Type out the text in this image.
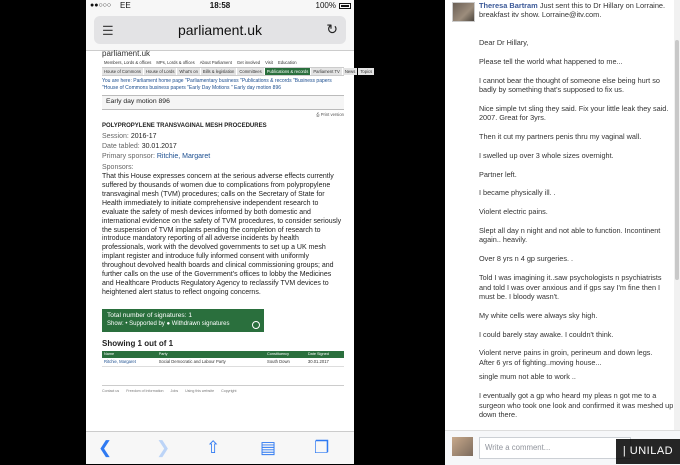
●●○○○ EE	18:58	100%
☰	parliament.uk	↻
parliament.uk
Members, Lords & offices	MPs, Lords & offices	About Parliament	Get involved	Visit	Education
House of Commons	House of Lords	What's on	Bills & legislation	Committees	Publications & records	Parliament TV	News	Topics
You are here: Parliament home page "Parliamentary business "Publications & records "Business papers "House of Commons business papers "Early Day Motions " Early day motion 896
Early day motion 896
⎙ Print version
POLYPROPYLENE TRANSVAGINAL MESH PROCEDURES
Session: 2016-17
Date tabled: 30.01.2017
Primary sponsor: Ritchie, Margaret
Sponsors:
That this House expresses concern at the serious adverse effects currently suffered by thousands of women due to complications from polypropylene transvaginal mesh (TVM) procedures; calls on the Secretary of State for Health immediately to initiate comprehensive independent research to evaluate the safety of mesh devices informed by both domestic and international evidence on the safety of TVM procedures, to consider seriously the suspension of TVM implants pending the completion of research to introduce mandatory reporting of all adverse incidents by health professionals, work with the devolved governments to set up a UK mesh implant register and introduce fully informed consent with uniformly throughout devolved health boards and clinical commissioning groups; and further calls on the use of the Government's offices to lobby the Medicines and Healthcare Products Regulatory Agency to reclassify TVM devices to heightened alert status to reflect ongoing concerns.
Total number of signatures: 1
Show: • Supported by ● Withdrawn signatures
Showing 1 out of 1
Name	Party	Constituency	Date Signed
Ritchie, Margaret	Social Democratic and Labour Party	South Down	30.01.2017
Contact us Freedom of Information Jobs Using this website Copyright
❮	❯ ⇧ ▤ ❐
Theresa Bartram Just sent this to Dr Hillary on Lorraine. breakfast itv show. Lorraine@itv.com.

Dear Dr Hillary,

Please tell the world what happened to me...

I cannot bear the thought of someone else being hurt so badly by something that's supposed to fix us.

Nice simple tvt sling they said. Fix your little leak they said. 2007. Great for 3yrs.

Then it cut my partners penis thru my vaginal wall.

I swelled up over 3 whole sizes overnight.

Partner left.

I became physically ill. .

Violent electric pains.

Slept all day n night and not able to function. Incontinent again.. heavily.

Over 8 yrs n 4 gp surgeries. .

Told I was imagining it..saw psychologists n psychiatrists and told I was over anxious and if gps say I'm fine then I must be. I bloody wasn't.

My white cells were always sky high.

I could barely stay awake. I couldn't think.

Violent nerve pains in groin, perineum and down legs.
After 6 yrs of fighting..moving house...

single mum not able to work ..

I eventually got a gp who heard my pleas n got me to a surgeon who took one look and confirmed it was meshed up down there.

Write a comment...	| UNILAD
